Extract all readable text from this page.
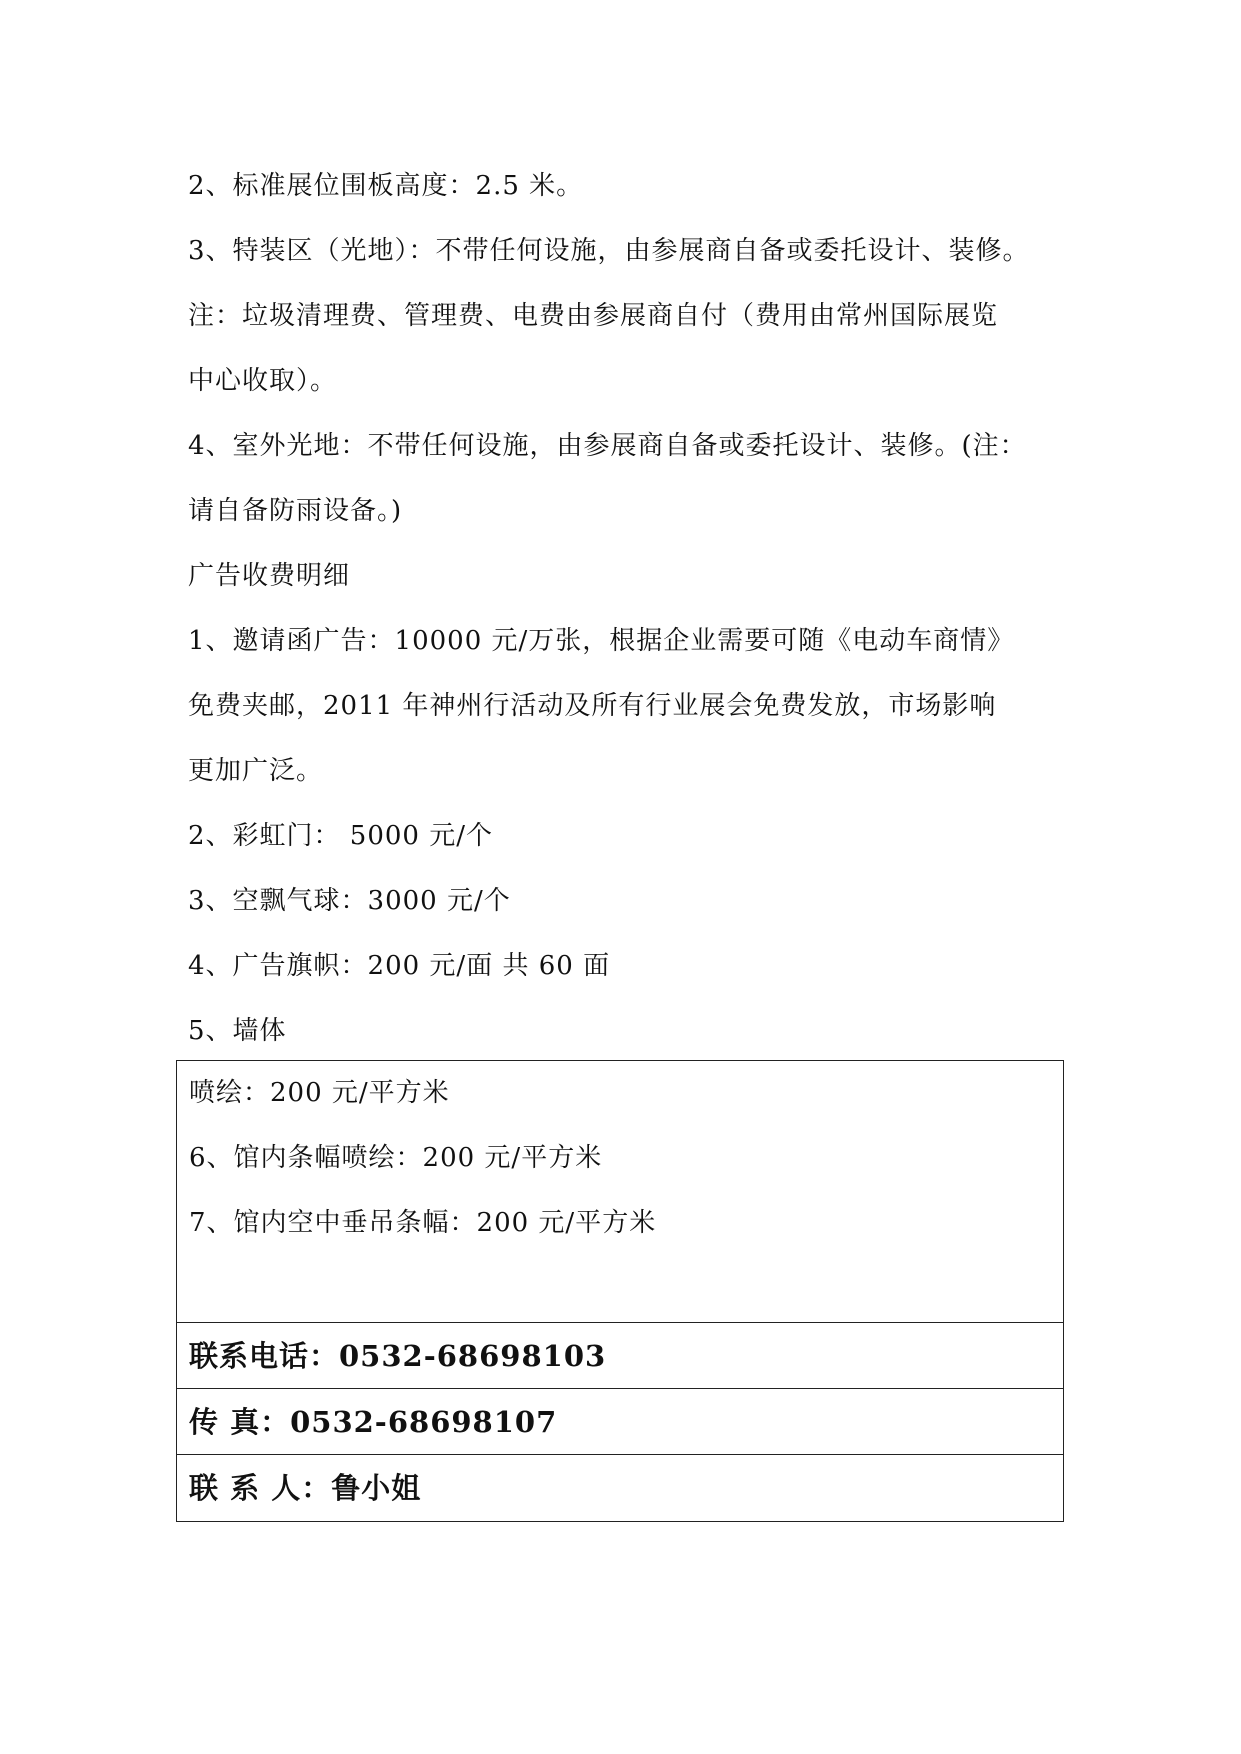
2、标准展位围板高度：2.5 米。
3、特装区（光地）：不带任何设施，由参展商自备或委托设计、装修。
注：垃圾清理费、管理费、电费由参展商自付（费用由常州国际展览
中心收取）。
4、室外光地：不带任何设施，由参展商自备或委托设计、装修。(注：
请自备防雨设备。)
广告收费明细
1、邀请函广告：10000 元/万张，根据企业需要可随《电动车商情》
免费夹邮，2011 年神州行活动及所有行业展会免费发放，市场影响
更加广泛。
2、彩虹门： 5000 元/个
3、空飘气球：3000 元/个
4、广告旗帜：200 元/面 共 60 面
5、墙体
喷绘：200 元/平方米
6、馆内条幅喷绘：200 元/平方米
7、馆内空中垂吊条幅：200 元/平方米
联系电话：0532-68698103
传 真：0532-68698107
联 系 人：鲁小姐
